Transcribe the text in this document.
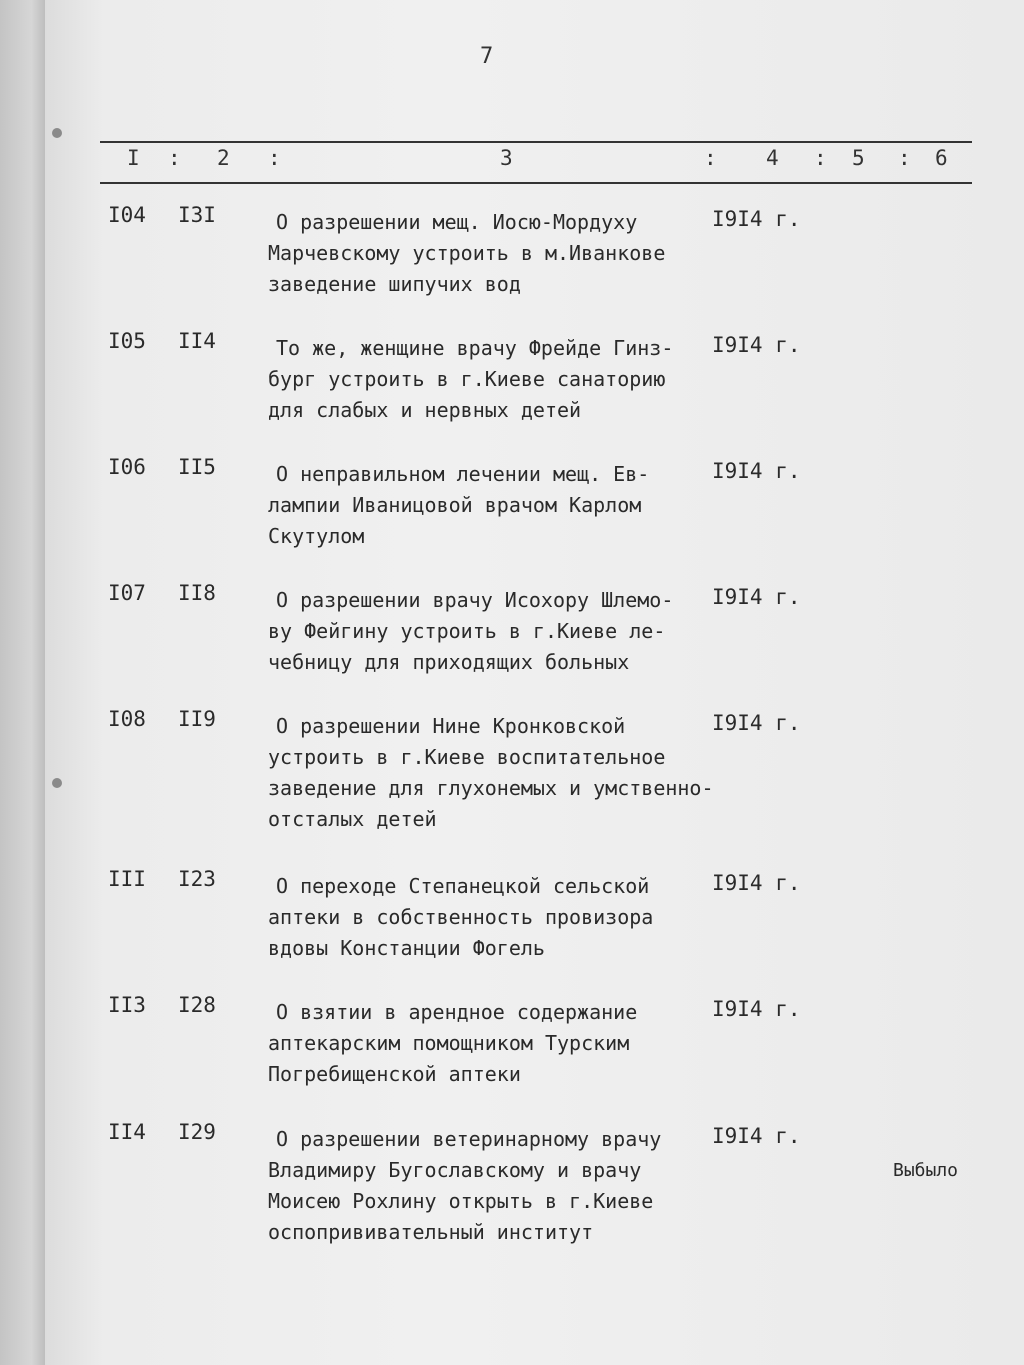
7
I : 2 :	3	: 4 : 5 : 6
I04 I3I	О разрешении мещ. Иосю-Мордуху
Марчевскому устроить в м.Иванкове
заведение шипучих вод
I9I4 г.
I05 II4	То же, женщине врачу Фрейде Гинз-
бург устроить в г.Киеве санаторию
для слабых и нервных детей
I9I4 г.
I06 II5	О неправильном лечении мещ. Ев-
лампии Иваницовой врачом Карлом
Скутулом
I9I4 г.
I07 II8	О разрешении врачу Исохору Шлемо-
ву Фейгину устроить в г.Киеве ле-
чебницу для приходящих больных
I9I4 г.
I08 II9	О разрешении Нине Кронковской
устроить в г.Киеве воспитательное
заведение для глухонемых и умственно-
отсталых детей
I9I4 г.
III I23	О переходе Степанецкой сельской
аптеки в собственность провизора
вдовы Констанции Фогель
I9I4 г.
II3 I28	О взятии в арендное содержание
аптекарским помощником Турским
Погребищенской аптеки
I9I4 г.
II4 I29	О разрешении ветеринарному врачу
Владимиру Бугославскому и врачу
Моисею Рохлину открыть в г.Киеве
оспопрививательный институт
I9I4 г.
Выбыло
